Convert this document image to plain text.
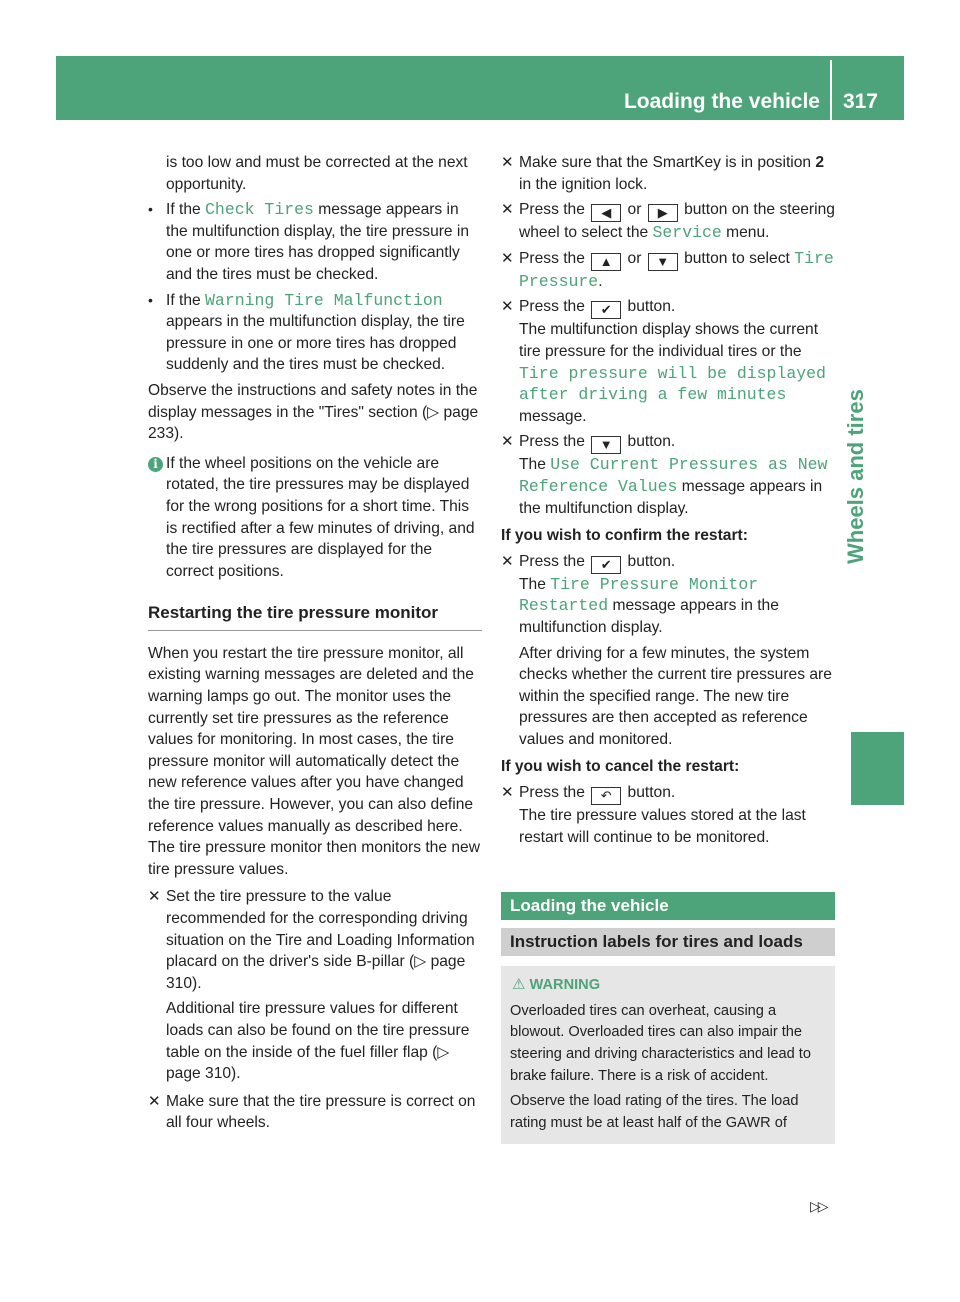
Loading the vehicle 317
Wheels and tires

is too low and must be corrected at the next opportunity.

• If the Check Tires message appears in the multifunction display, the tire pressure in one or more tires has dropped significantly and the tires must be checked.
• If the Warning Tire Malfunction appears in the multifunction display, the tire pressure in one or more tires has dropped suddenly and the tires must be checked.

Observe the instructions and safety notes in the display messages in the "Tires" section (▷ page 233).

i If the wheel positions on the vehicle are rotated, the tire pressures may be displayed for the wrong positions for a short time. This is rectified after a few minutes of driving, and the tire pressures are displayed for the correct positions.
Restarting the tire pressure monitor

When you restart the tire pressure monitor, all existing warning messages are deleted and the warning lamps go out. The monitor uses the currently set tire pressures as the reference values for monitoring. In most cases, the tire pressure monitor will automatically detect the new reference values after you have changed the tire pressure. However, you can also define reference values manually as described here. The tire pressure monitor then monitors the new tire pressure values.

✕ Set the tire pressure to the value recommended for the corresponding driving situation on the Tire and Loading Information placard on the driver's side B-pillar (▷ page 310).

Additional tire pressure values for different loads can also be found on the tire pressure table on the inside of the fuel filler flap (▷ page 310).

✕ Make sure that the tire pressure is correct on all four wheels.
✕ Make sure that the SmartKey is in position 2 in the ignition lock.
✕ Press the ◀ or ▶ button on the steering wheel to select the Service menu.
✕ Press the ▲ or ▼ button to select Tire Pressure.
✕ Press the ✔ button.
The multifunction display shows the current tire pressure for the individual tires or the Tire pressure will be displayed after driving a few minutes message.
✕ Press the ▼ button.
The Use Current Pressures as New Reference Values message appears in the multifunction display.

If you wish to confirm the restart:

✕ Press the ✔ button.
The Tire Pressure Monitor Restarted message appears in the multifunction display.

After driving for a few minutes, the system checks whether the current tire pressures are within the specified range. The new tire pressures are then accepted as reference values and monitored.

If you wish to cancel the restart:

✕ Press the ↶ button.
The tire pressure values stored at the last restart will continue to be monitored.
Loading the vehicle
Instruction labels for tires and loads
⚠ WARNING

Overloaded tires can overheat, causing a blowout. Overloaded tires can also impair the steering and driving characteristics and lead to brake failure. There is a risk of accident.

Observe the load rating of the tires. The load rating must be at least half of the GAWR of

▷▷
